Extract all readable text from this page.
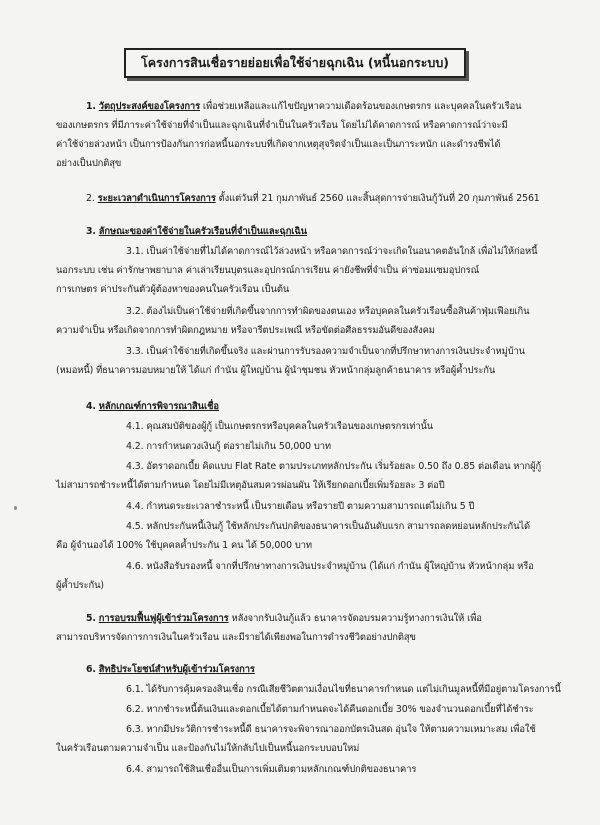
โครงการสินเชื่อรายย่อยเพื่อใช้จ่ายฉุกเฉิน (หนี้นอกระบบ)
1. วัตถุประสงค์ของโครงการ เพื่อช่วยเหลือและแก้ไขปัญหาความเดือดร้อนของเกษตรกร และบุคคลในครัวเรือน
ของเกษตรกร ที่มีภาระค่าใช้จ่ายที่จำเป็นและฉุกเฉินที่จำเป็นในครัวเรือน โดยไม่ได้คาดการณ์ หรือคาดการณ์ว่าจะมี
ค่าใช้จ่ายล่วงหน้า เป็นการป้องกันการก่อหนี้นอกระบบที่เกิดจากเหตุสุจริตจำเป็นและเป็นภาระหนัก และดำรงชีพได้
อย่างเป็นปกติสุข
2. ระยะเวลาดำเนินการโครงการ ตั้งแต่วันที่ 21 กุมภาพันธ์ 2560 และสิ้นสุดการจ่ายเงินกู้วันที่ 20 กุมภาพันธ์ 2561
3. ลักษณะของค่าใช้จ่ายในครัวเรือนที่จำเป็นและฉุกเฉิน
3.1. เป็นค่าใช้จ่ายที่ไม่ได้คาดการณ์ไว้ล่วงหน้า หรือคาดการณ์ว่าจะเกิดในอนาคตอันใกล้ เพื่อไม่ให้ก่อหนี้
นอกระบบ เช่น ค่ารักษาพยาบาล ค่าเล่าเรียนบุตรและอุปกรณ์การเรียน ค่ายังชีพที่จำเป็น ค่าซ่อมแซมอุปกรณ์
การเกษตร ค่าประกันตัวผู้ต้องหาของคนในครัวเรือน เป็นต้น
3.2. ต้องไม่เป็นค่าใช้จ่ายที่เกิดขึ้นจากการทำผิดของตนเอง หรือบุคคลในครัวเรือนซื้อสินค้าฟุ่มเฟือยเกิน
ความจำเป็น หรือเกิดจากการทำผิดกฎหมาย หรือจารีตประเพณี หรือขัดต่อศีลธรรมอันดีของสังคม
3.3. เป็นค่าใช้จ่ายที่เกิดขึ้นจริง และผ่านการรับรองความจำเป็นจากที่ปรึกษาทางการเงินประจำหมู่บ้าน
(หมอหนี้) ที่ธนาคารมอบหมายให้ ได้แก่ กำนัน ผู้ใหญ่บ้าน ผู้นำชุมชน หัวหน้ากลุ่มลูกค้าธนาคาร หรือผู้ค้ำประกัน
4. หลักเกณฑ์การพิจารณาสินเชื่อ
4.1. คุณสมบัติของผู้กู้ เป็นเกษตรกรหรือบุคคลในครัวเรือนของเกษตรกรเท่านั้น
4.2. การกำหนดวงเงินกู้ ต่อรายไม่เกิน 50,000 บาท
4.3. อัตราดอกเบี้ย คิดแบบ Flat Rate ตามประเภทหลักประกัน เริ่มร้อยละ 0.50 ถึง 0.85 ต่อเดือน หากผู้กู้
ไม่สามารถชำระหนี้ได้ตามกำหนด โดยไม่มีเหตุอันสมควรผ่อนผัน ให้เรียกดอกเบี้ยเพิ่มร้อยละ 3 ต่อปี
4.4. กำหนดระยะเวลาชำระหนี้ เป็นรายเดือน หรือรายปี ตามความสามารถแต่ไม่เกิน 5 ปี
4.5. หลักประกันหนี้เงินกู้ ใช้หลักประกันปกติของธนาคารเป็นอันดับแรก สามารถลดหย่อนหลักประกันได้
คือ ผู้จำนองได้ 100% ใช้บุคคลค้ำประกัน 1 คน ได้ 50,000 บาท
4.6. หนังสือรับรองหนี้ จากที่ปรึกษาทางการเงินประจำหมู่บ้าน (ได้แก่ กำนัน ผู้ใหญ่บ้าน หัวหน้ากลุ่ม หรือ
ผู้ค้ำประกัน)
5. การอบรมฟื้นฟูผู้เข้าร่วมโครงการ หลังจากรับเงินกู้แล้ว ธนาคารจัดอบรมความรู้ทางการเงินให้ เพื่อ
สามารถบริหารจัดการการเงินในครัวเรือน และมีรายได้เพียงพอในการดำรงชีวิตอย่างปกติสุข
6. สิทธิประโยชน์สำหรับผู้เข้าร่วมโครงการ
6.1. ได้รับการคุ้มครองสินเชื่อ กรณีเสียชีวิตตามเงื่อนไขที่ธนาคารกำหนด แต่ไม่เกินมูลหนี้ที่มีอยู่ตามโครงการนี้
6.2. หากชำระหนี้ต้นเงินและดอกเบี้ยได้ตามกำหนดจะได้คืนดอกเบี้ย 30% ของจำนวนดอกเบี้ยที่ได้ชำระ
6.3. หากมีประวัติการชำระหนี้ดี ธนาคารจะพิจารณาออกบัตรเงินสด อุ่นใจ ให้ตามความเหมาะสม เพื่อใช้
ในครัวเรือนตามความจำเป็น และป้องกันไม่ให้กลับไปเป็นหนี้นอกระบบอบใหม่
6.4. สามารถใช้สินเชื่ออื่นเป็นการเพิ่มเติมตามหลักเกณฑ์ปกติของธนาคาร
